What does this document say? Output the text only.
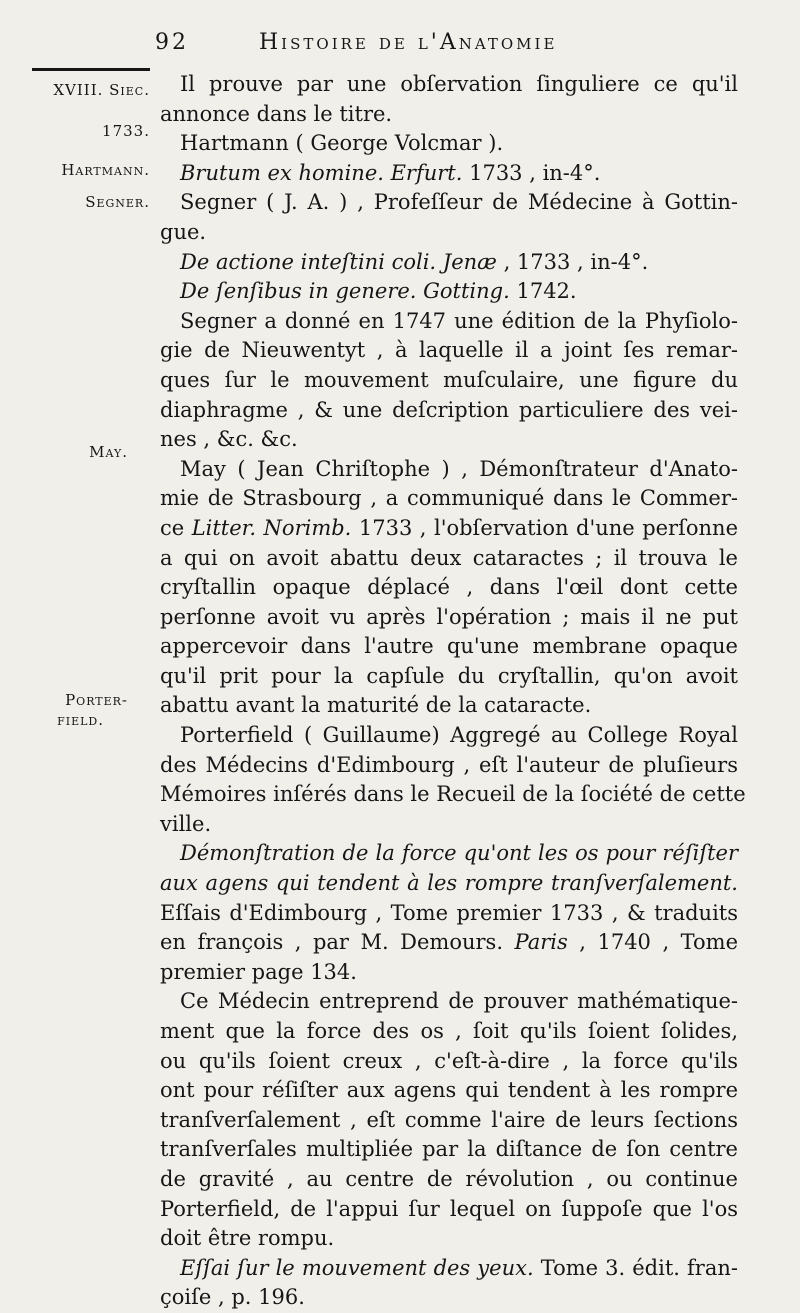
92	Histoire de l'Anatomie
XVIII. Siec.
1733.
Hartmann.
Segner.
May.
Porter-
field.
Il prouve par une obſervation ſinguliere ce qu'il
annonce dans le titre.
Hartmann ( George Volcmar ).
Brutum ex homine. Erfurt. 1733 , in-4°.
Segner ( J. A. ) , Profeſſeur de Médecine à Gottin-
gue.
De actione inteſtini coli. Jenæ , 1733 , in-4°.
De ſenſibus in genere. Gotting. 1742.
Segner a donné en 1747 une édition de la Phyſiolo-
gie de Nieuwentyt , à laquelle il a joint ſes remar-
ques ſur le mouvement muſculaire, une figure du
diaphragme , & une deſcription particuliere des vei-
nes , &c. &c.
May ( Jean Chriſtophe ) , Démonſtrateur d'Anato-
mie de Strasbourg , a communiqué dans le Commer-
ce Litter. Norimb. 1733 , l'obſervation d'une perſonne
a qui on avoit abattu deux cataractes ; il trouva le
cryſtallin opaque déplacé , dans l'œil dont cette
perſonne avoit vu après l'opération ; mais il ne put
appercevoir dans l'autre qu'une membrane opaque
qu'il prit pour la capſule du cryſtallin, qu'on avoit
abattu avant la maturité de la cataracte.
Porterfield ( Guillaume) Aggregé au College Royal
des Médecins d'Edimbourg , eſt l'auteur de pluſieurs
Mémoires inſérés dans le Recueil de la ſociété de cette
ville.
Démonſtration de la force qu'ont les os pour réſiſter
aux agens qui tendent à les rompre tranſverſalement.
Eſſais d'Edimbourg , Tome premier 1733 , & traduits
en françois , par M. Demours. Paris , 1740 , Tome
premier page 134.
Ce Médecin entreprend de prouver mathématique-
ment que la force des os , ſoit qu'ils ſoient ſolides,
ou qu'ils ſoient creux , c'eſt-à-dire , la force qu'ils
ont pour réſiſter aux agens qui tendent à les rompre
tranſverſalement , eſt comme l'aire de leurs ſections
tranſverſales multipliée par la diſtance de ſon centre
de gravité , au centre de révolution , ou continue
Porterfield, de l'appui ſur lequel on ſuppoſe que l'os
doit être rompu.
Eſſai ſur le mouvement des yeux. Tome 3. édit. fran-
çoiſe , p. 196.
